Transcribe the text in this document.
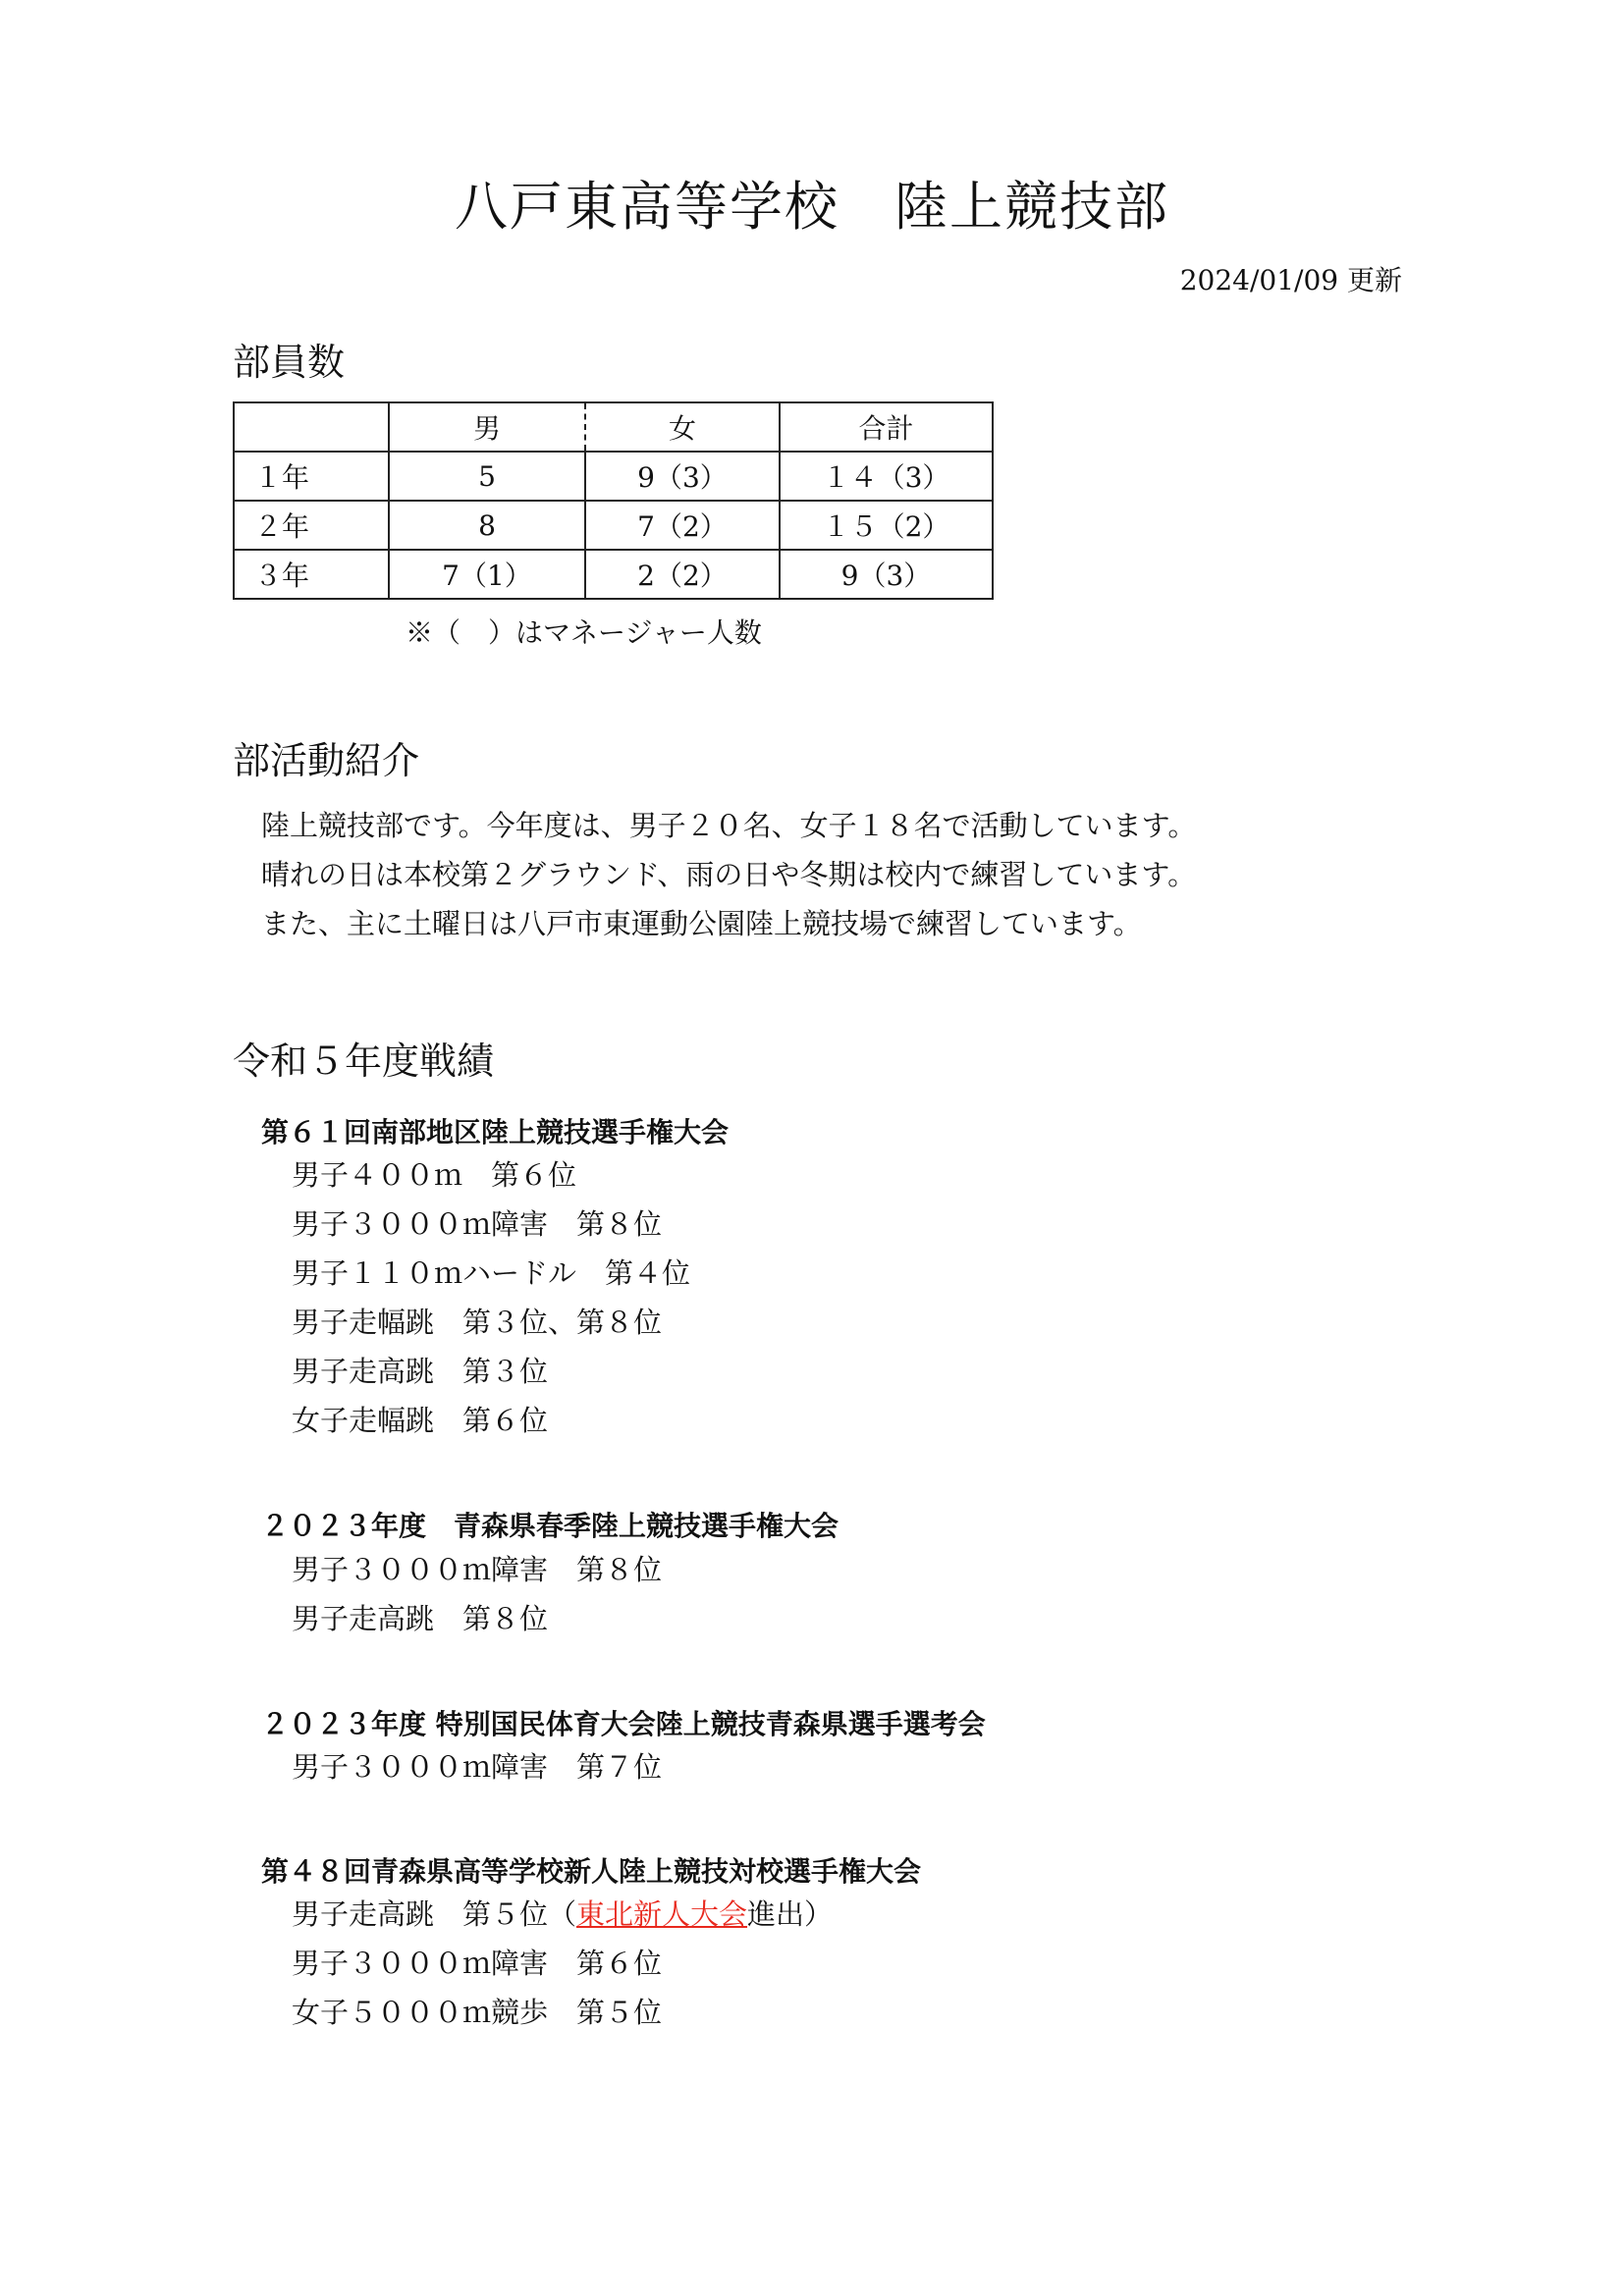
八戸東高等学校　陸上競技部
2024/01/09 更新
部員数
	男	女	合計
１年	5	9（3）	１４（3）
２年	8	7（2）	１５（2）
３年	7（1）	2（2）	9（3）
※（　）はマネージャー人数
部活動紹介
陸上競技部です。今年度は、男子２０名、女子１８名で活動しています。
晴れの日は本校第２グラウンド、雨の日や冬期は校内で練習しています。
また、主に土曜日は八戸市東運動公園陸上競技場で練習しています。
令和５年度戦績
第６１回南部地区陸上競技選手権大会
男子４００ｍ　第６位
男子３０００ｍ障害　第８位
男子１１０ｍハードル　第４位
男子走幅跳　第３位、第８位
男子走高跳　第３位
女子走幅跳　第６位
２０２３年度　青森県春季陸上競技選手権大会
男子３０００ｍ障害　第８位
男子走高跳　第８位
２０２３年度 特別国民体育大会陸上競技青森県選手選考会
男子３０００ｍ障害　第７位
第４８回青森県高等学校新人陸上競技対校選手権大会
男子走高跳　第５位（東北新人大会進出）
男子３０００ｍ障害　第６位
女子５０００ｍ競歩　第５位
